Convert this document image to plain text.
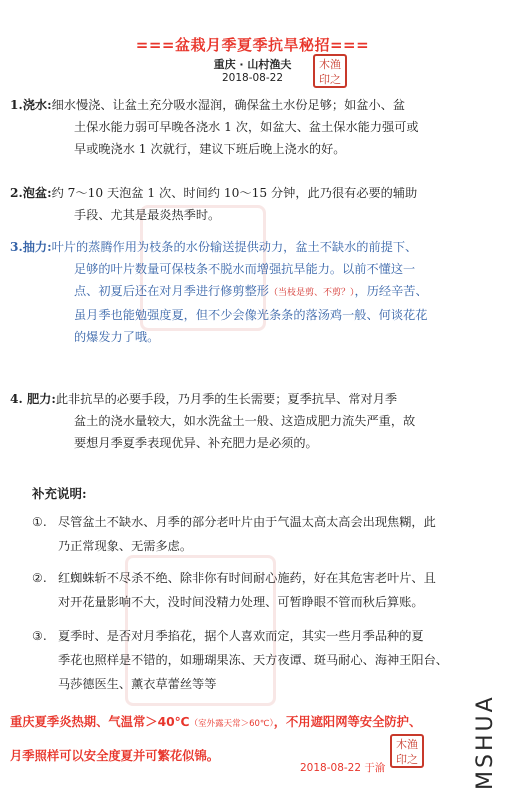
===盆栽月季夏季抗旱秘招===
重庆 · 山村渔夫
2018-08-22
木渔
印之
1.浇水:细水慢浇、让盆土充分吸水湿润，确保盆土水份足够；如盆小、盆
土保水能力弱可早晚各浇水 1 次，如盆大、盆土保水能力强可或
早或晚浇水 1 次就行，建议下班后晚上浇水的好。
2.泡盆:约 7～10 天泡盆 1 次、时间约 10～15 分钟，此乃很有必要的辅助
手段、尤其是最炎热季时。
3.抽力:叶片的蒸腾作用为枝条的水份输送提供动力，盆土不缺水的前提下、
足够的叶片数量可保枝条不脱水而增强抗旱能力。以前不懂这一
点、初夏后还在对月季进行修剪整形（当枝是剪、不剪？），历经辛苦、
虽月季也能勉强度夏，但不少会像光条条的落汤鸡一般、何谈花花
的爆发力了哦。
4. 肥力:此非抗旱的必要手段，乃月季的生长需要；夏季抗旱、常对月季
盆土的浇水量较大，如水洗盆土一般、这造成肥力流失严重，故
要想月季夏季表现优异、补充肥力是必须的。
补充说明:
①. 尽管盆土不缺水、月季的部分老叶片由于气温太高太高会出现焦糊，此
乃正常现象、无需多虑。
②. 红蜘蛛斩不尽杀不绝、除非你有时间耐心施药，好在其危害老叶片、且
对开花量影响不大，没时间没精力处理、可暂睁眼不管而秋后算账。
③. 夏季时、是否对月季掐花，据个人喜欢而定，其实一些月季品种的夏
季花也照样是不错的，如珊瑚果冻、天方夜谭、斑马耐心、海神王阳台、
马莎德医生、薰衣草蕾丝等等
重庆夏季炎热期、气温常＞40℃（室外露天常＞60℃），不用遮阳网等安全防护、
月季照样可以安全度夏并可繁花似锦。
2018-08-22 于渝
木渔
印之	MSHUA
